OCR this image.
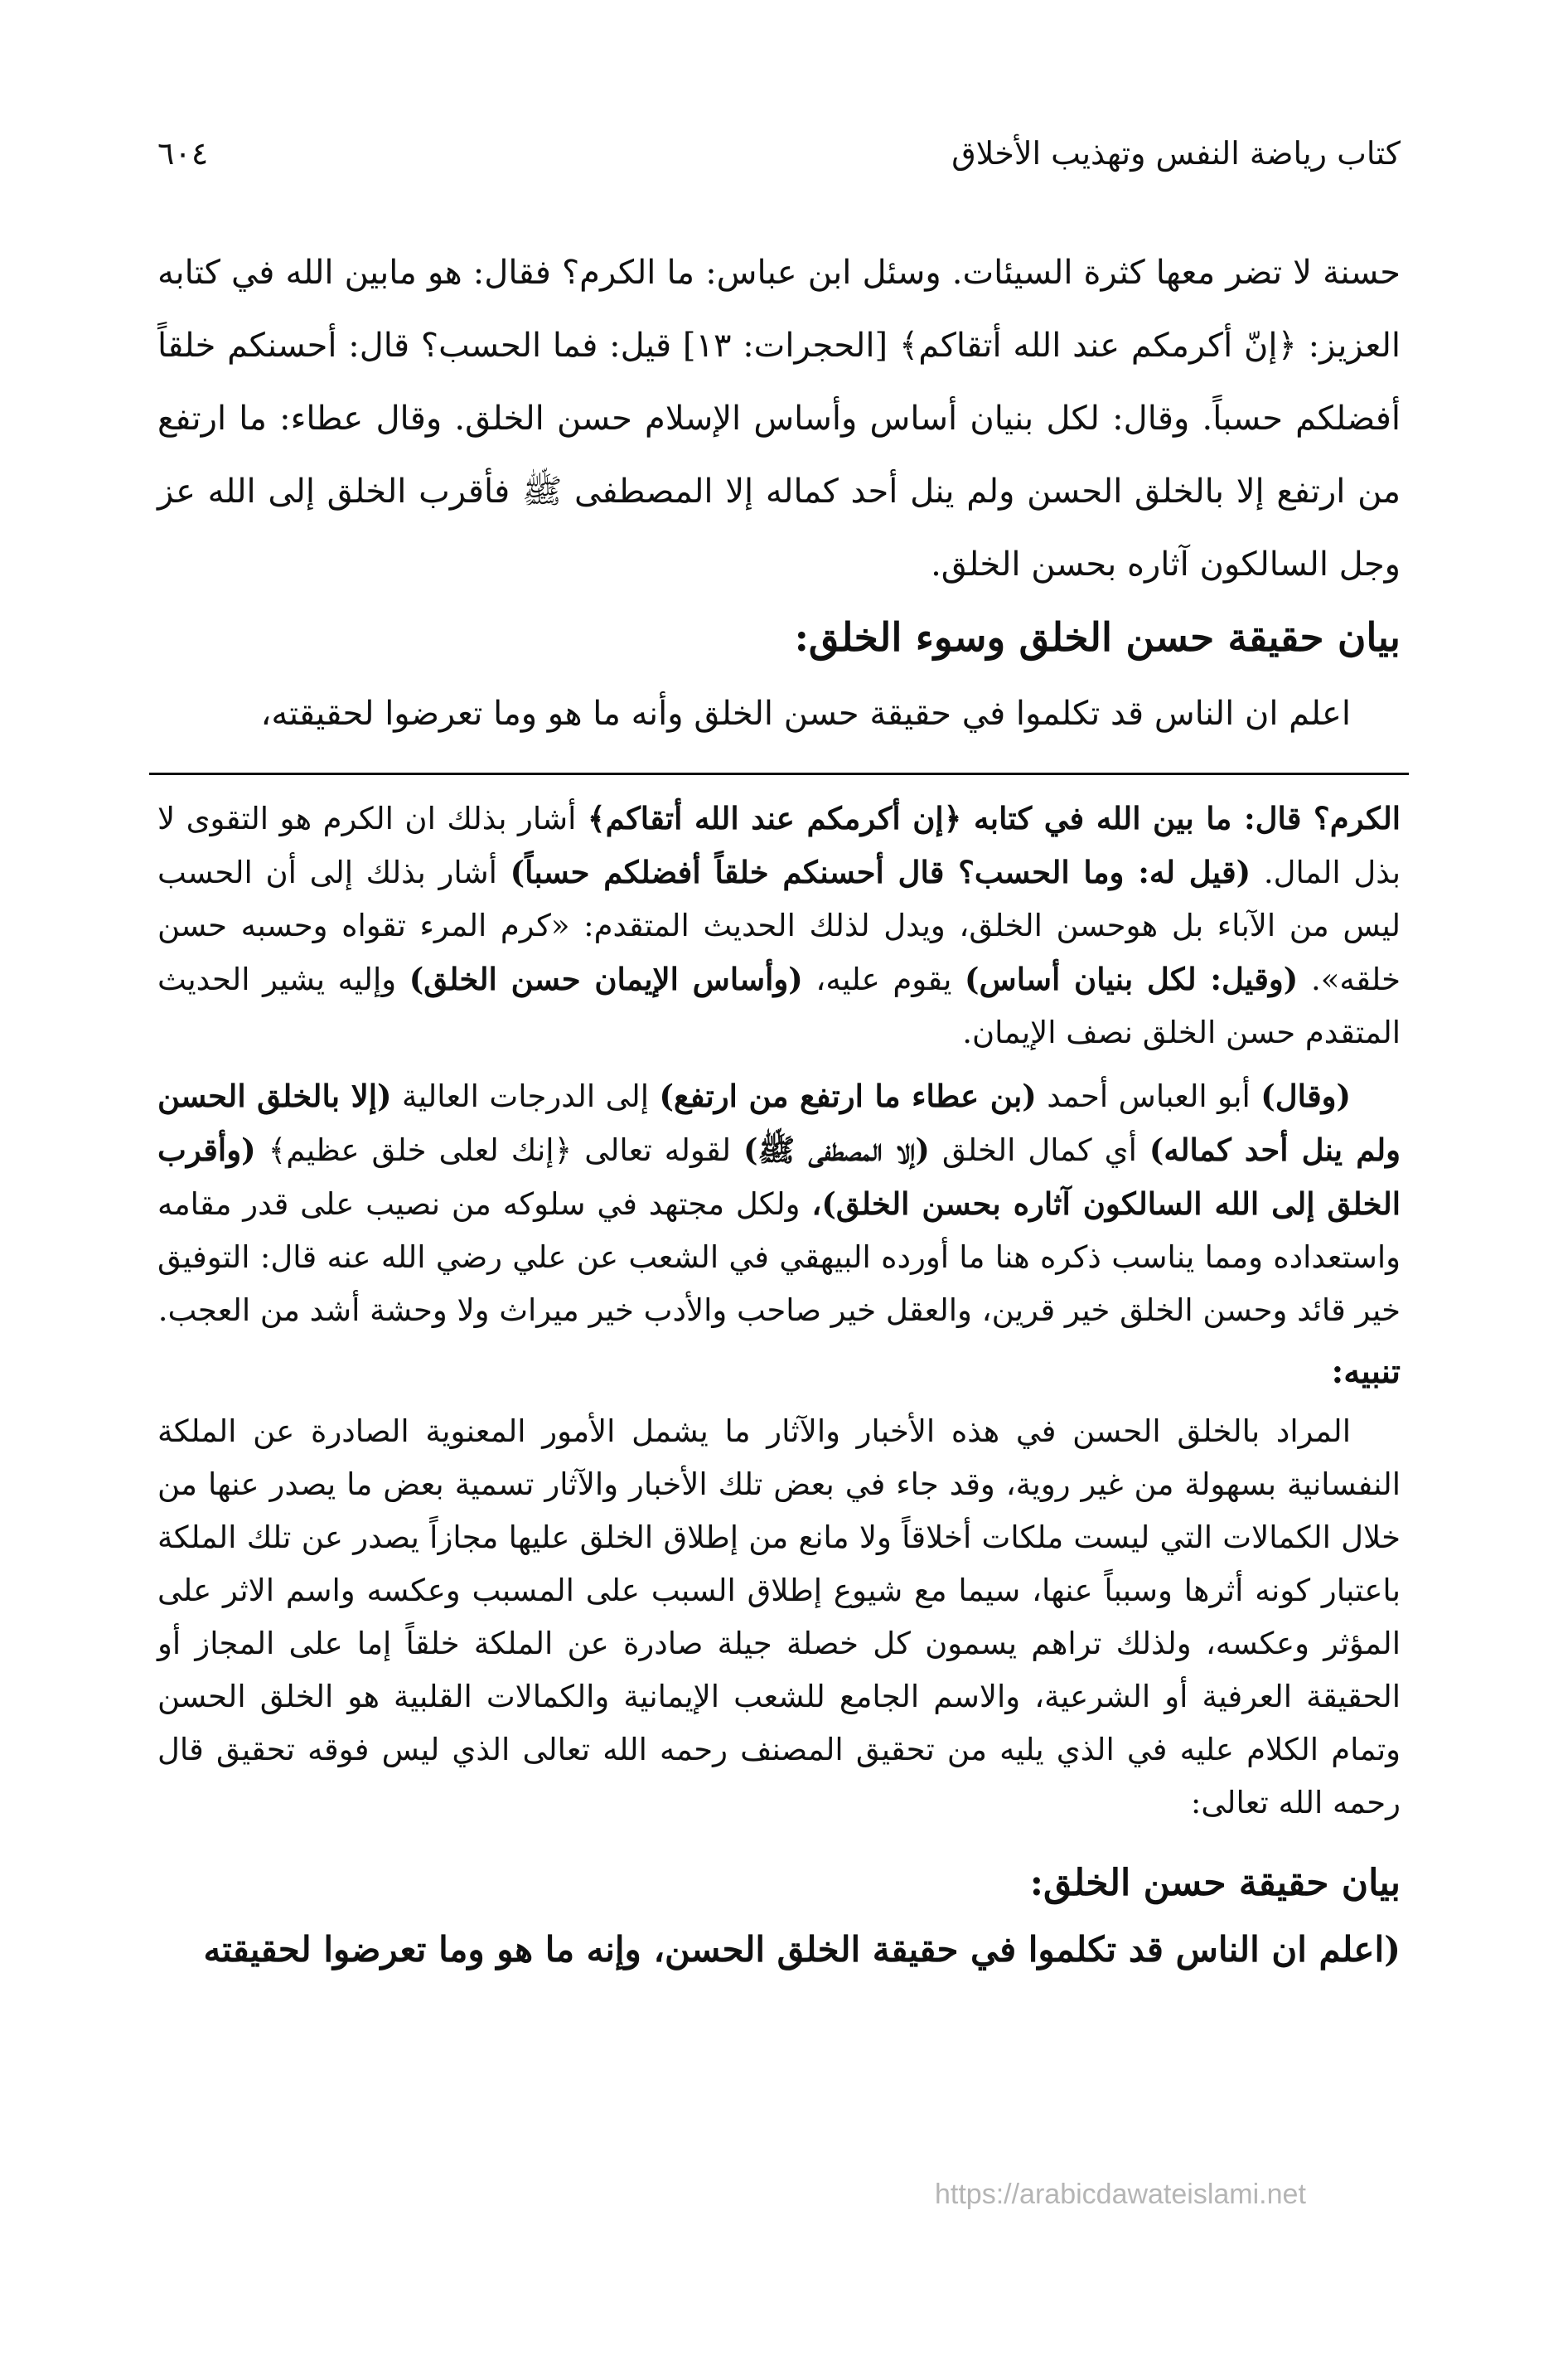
كتاب رياضة النفس وتهذيب الأخلاق
٦٠٤

حسنة لا تضر معها كثرة السيئات. وسئل ابن عباس: ما الكرم؟ فقال: هو مابين الله في كتابه العزيز: ﴿إنّ أكرمكم عند الله أتقاكم﴾ [الحجرات: ١٣] قيل: فما الحسب؟ قال: أحسنكم خلقاً أفضلكم حسباً. وقال: لكل بنيان أساس وأساس الإسلام حسن الخلق. وقال عطاء: ما ارتفع من ارتفع إلا بالخلق الحسن ولم ينل أحد كماله إلا المصطفى ﷺ فأقرب الخلق إلى الله عز وجل السالكون آثاره بحسن الخلق.

بيان حقيقة حسن الخلق وسوء الخلق:

اعلم ان الناس قد تكلموا في حقيقة حسن الخلق وأنه ما هو وما تعرضوا لحقيقته،

الكرم؟ قال: ما بين الله في كتابه ﴿إن أكرمكم عند الله أتقاكم﴾ أشار بذلك ان الكرم هو التقوى لا بذل المال. (قيل له: وما الحسب؟ قال أحسنكم خلقاً أفضلكم حسباً) أشار بذلك إلى أن الحسب ليس من الآباء بل هوحسن الخلق، ويدل لذلك الحديث المتقدم: «كرم المرء تقواه وحسبه حسن خلقه». (وقيل: لكل بنيان أساس) يقوم عليه، (وأساس الإيمان حسن الخلق) وإليه يشير الحديث المتقدم حسن الخلق نصف الإيمان.

(وقال) أبو العباس أحمد (بن عطاء ما ارتفع من ارتفع) إلى الدرجات العالية (إلا بالخلق الحسن ولم ينل أحد كماله) أي كمال الخلق (إلا المصطفى ﷺ) لقوله تعالى ﴿إنك لعلى خلق عظيم﴾ (وأقرب الخلق إلى الله السالكون آثاره بحسن الخلق)، ولكل مجتهد في سلوكه من نصيب على قدر مقامه واستعداده ومما يناسب ذكره هنا ما أورده البيهقي في الشعب عن علي رضي الله عنه قال: التوفيق خير قائد وحسن الخلق خير قرين، والعقل خير صاحب والأدب خير ميراث ولا وحشة أشد من العجب.

تنبيه:

المراد بالخلق الحسن في هذه الأخبار والآثار ما يشمل الأمور المعنوية الصادرة عن الملكة النفسانية بسهولة من غير روية، وقد جاء في بعض تلك الأخبار والآثار تسمية بعض ما يصدر عنها من خلال الكمالات التي ليست ملكات أخلاقاً ولا مانع من إطلاق الخلق عليها مجازاً يصدر عن تلك الملكة باعتبار كونه أثرها وسبباً عنها، سيما مع شيوع إطلاق السبب على المسبب وعكسه واسم الاثر على المؤثر وعكسه، ولذلك تراهم يسمون كل خصلة جيلة صادرة عن الملكة خلقاً إما على المجاز أو الحقيقة العرفية أو الشرعية، والاسم الجامع للشعب الإيمانية والكمالات القلبية هو الخلق الحسن وتمام الكلام عليه في الذي يليه من تحقيق المصنف رحمه الله تعالى الذي ليس فوقه تحقيق قال رحمه الله تعالى:

بيان حقيقة حسن الخلق:

(اعلم ان الناس قد تكلموا في حقيقة الخلق الحسن، وإنه ما هو وما تعرضوا لحقيقته

https://arabicdawateislami.net
